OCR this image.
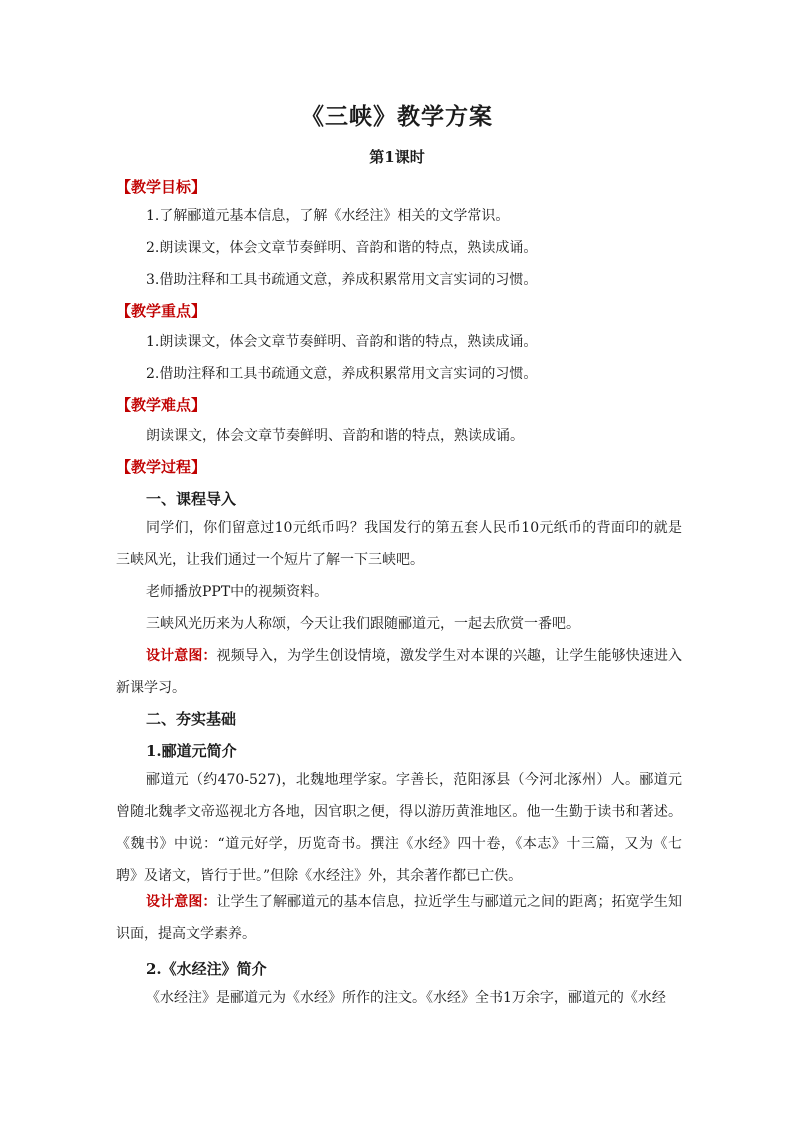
《三峡》教学方案
第1课时
【教学目标】
1.了解郦道元基本信息，了解《水经注》相关的文学常识。
2.朗读课文，体会文章节奏鲜明、音韵和谐的特点，熟读成诵。
3.借助注释和工具书疏通文意，养成积累常用文言实词的习惯。
【教学重点】
1.朗读课文，体会文章节奏鲜明、音韵和谐的特点，熟读成诵。
2.借助注释和工具书疏通文意，养成积累常用文言实词的习惯。
【教学难点】
朗读课文，体会文章节奏鲜明、音韵和谐的特点，熟读成诵。
【教学过程】
一、课程导入
同学们，你们留意过10元纸币吗？我国发行的第五套人民币10元纸币的背面印的就是三峡风光，让我们通过一个短片了解一下三峡吧。
老师播放PPT中的视频资料。
三峡风光历来为人称颂，今天让我们跟随郦道元，一起去欣赏一番吧。
设计意图：视频导入，为学生创设情境，激发学生对本课的兴趣，让学生能够快速进入新课学习。
二、夯实基础
1.郦道元简介
郦道元（约470-527)，北魏地理学家。字善长，范阳涿县（今河北涿州）人。郦道元曾随北魏孝文帝巡视北方各地，因官职之便，得以游历黄淮地区。他一生勤于读书和著述。《魏书》中说：“道元好学，历览奇书。撰注《水经》四十卷，《本志》十三篇，又为《七聘》及诸文，皆行于世。”但除《水经注》外，其余著作都已亡佚。
设计意图：让学生了解郦道元的基本信息，拉近学生与郦道元之间的距离；拓宽学生知识面，提高文学素养。
2.《水经注》简介
《水经注》是郦道元为《水经》所作的注文。《水经》全书1万余字，郦道元的《水经
